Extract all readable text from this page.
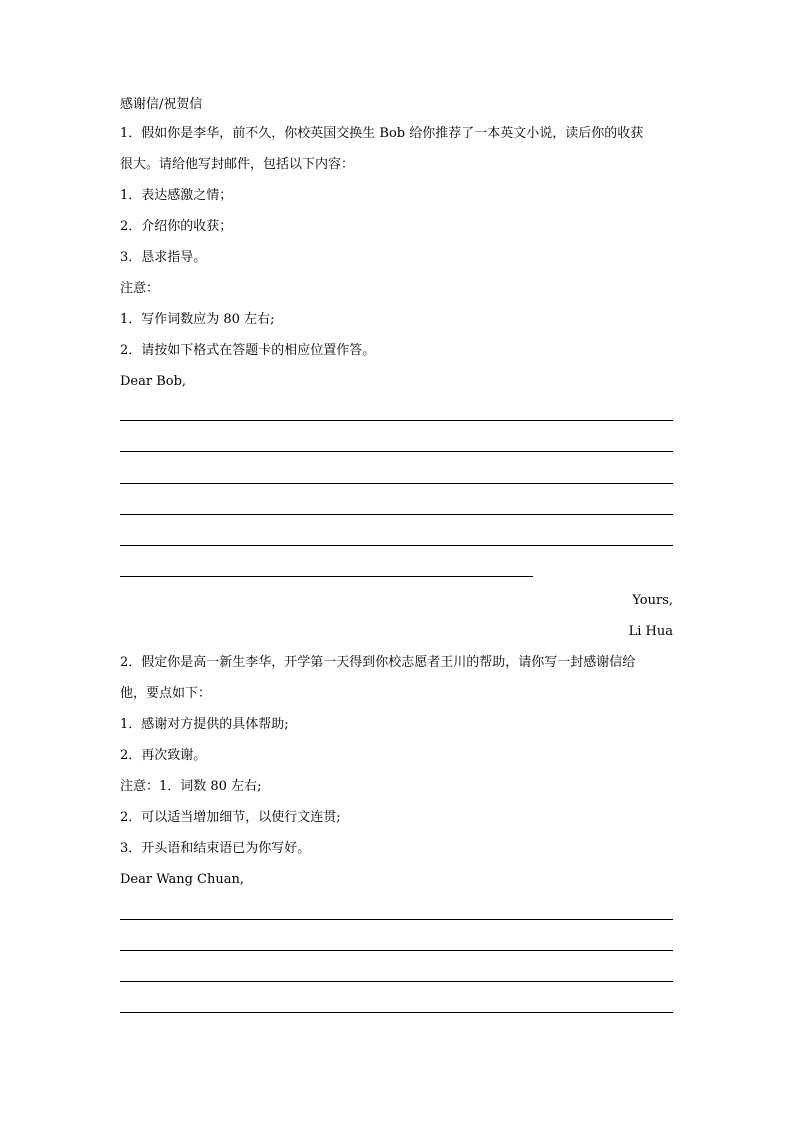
感谢信/祝贺信
1．假如你是李华，前不久，你校英国交换生 Bob 给你推荐了一本英文小说，读后你的收获
很大。请给他写封邮件，包括以下内容：
1．表达感激之情；
2．介绍你的收获；
3．恳求指导。
注意：
1．写作词数应为 80 左右;
2．请按如下格式在答题卡的相应位置作答。
Dear Bob,
Yours,
Li Hua
2．假定你是高一新生李华，开学第一天得到你校志愿者王川的帮助，请你写一封感谢信给
他，要点如下：
1．感谢对方提供的具体帮助;
2．再次致谢。
注意：1．词数 80 左右;
2．可以适当增加细节，以使行文连贯;
3．开头语和结束语已为你写好。
Dear Wang Chuan,
